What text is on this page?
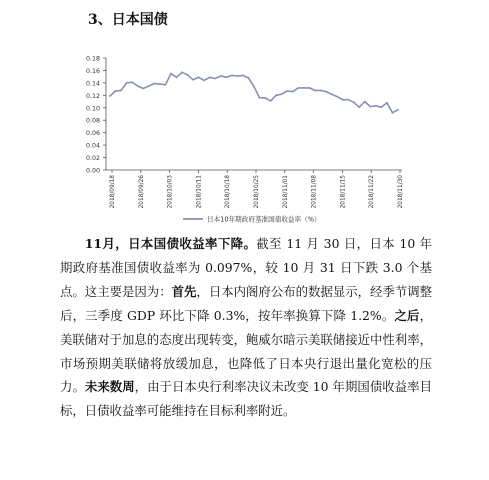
3、日本国债
0.18
0.16
0.14
0.12
0.10
0.08
0.06
0.04
0.02
0.00
2018/09/18	2018/09/26	2018/10/03	2018/10/11	2018/10/18	2018/10/25	2018/11/01	2018/11/08	2018/11/15	2018/11/22	2018/11/30
日本10年期政府基准国债收益率（%）
11月，日本国债收益率下降。截至 11 月 30 日，日本 10 年期政府基准国债收益率为 0.097%，较 10 月 31 日下跌 3.0 个基点。这主要是因为：首先，日本内阁府公布的数据显示，经季节调整后，三季度 GDP 环比下降 0.3%，按年率换算下降 1.2%。之后，美联储对于加息的态度出现转变，鲍威尔暗示美联储接近中性利率，市场预期美联储将放缓加息，也降低了日本央行退出量化宽松的压力。未来数周，由于日本央行利率决议未改变 10 年期国债收益率目标，日债收益率可能维持在目标利率附近。
